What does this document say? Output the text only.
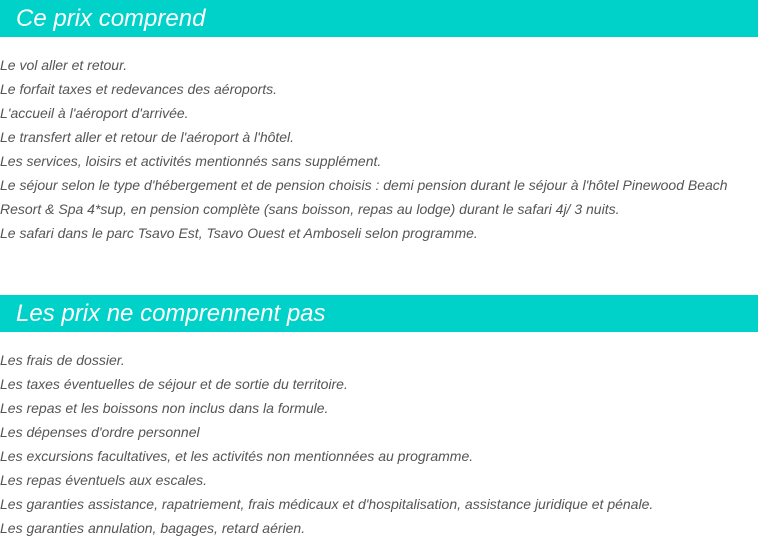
Ce prix comprend
Le vol aller et retour.
Le forfait taxes et redevances des aéroports.
L'accueil à l'aéroport d'arrivée.
Le transfert aller et retour de l'aéroport à l'hôtel.
Les services, loisirs et activités mentionnés sans supplément.
Le séjour selon le type d'hébergement et de pension choisis : demi pension durant le séjour à l'hôtel Pinewood Beach Resort & Spa 4*sup, en pension complète (sans boisson, repas au lodge) durant le safari 4j/ 3 nuits.
Le safari dans le parc Tsavo Est, Tsavo Ouest et Amboseli selon programme.
Les prix ne comprennent pas
Les frais de dossier.
Les taxes éventuelles de séjour et de sortie du territoire.
Les repas et les boissons non inclus dans la formule.
Les dépenses d'ordre personnel
Les excursions facultatives, et les activités non mentionnées au programme.
Les repas éventuels aux escales.
Les garanties assistance, rapatriement, frais médicaux et d'hospitalisation, assistance juridique et pénale.
Les garanties annulation, bagages, retard aérien.
